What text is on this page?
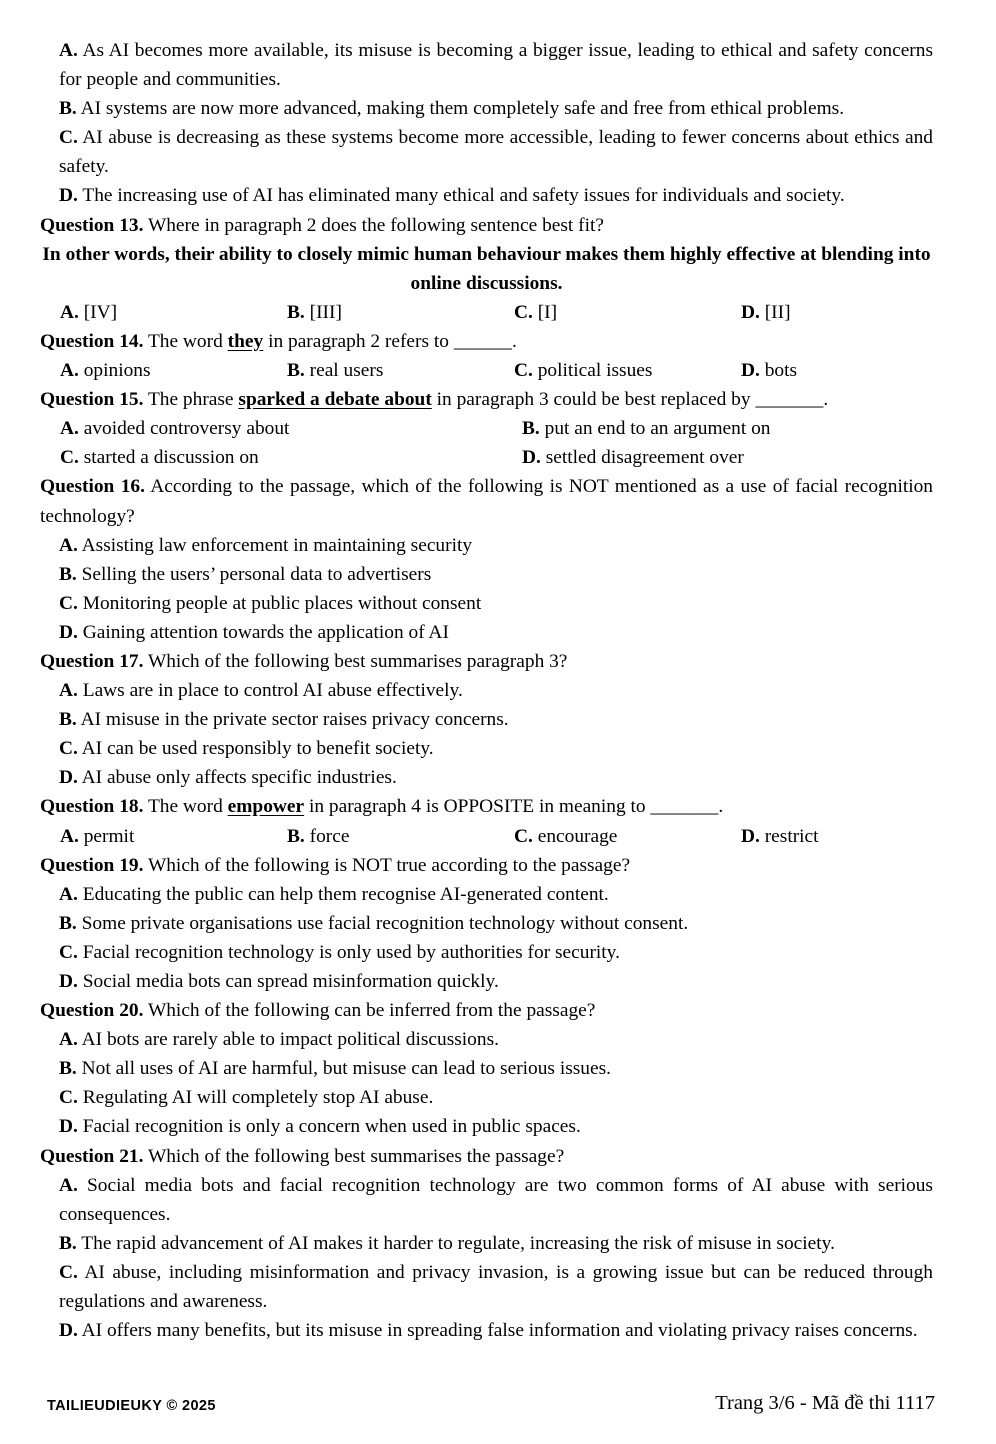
A. As AI becomes more available, its misuse is becoming a bigger issue, leading to ethical and safety concerns for people and communities.

B. AI systems are now more advanced, making them completely safe and free from ethical problems.

C. AI abuse is decreasing as these systems become more accessible, leading to fewer concerns about ethics and safety.

D. The increasing use of AI has eliminated many ethical and safety issues for individuals and society.

Question 13. Where in paragraph 2 does the following sentence best fit?

In other words, their ability to closely mimic human behaviour makes them highly effective at blending into online discussions.

A. [IV]	B. [III]	C. [I]	D. [II]

Question 14. The word they in paragraph 2 refers to ______.

A. opinions	B. real users	C. political issues	D. bots

Question 15. The phrase sparked a debate about in paragraph 3 could be best replaced by _______.

A. avoided controversy about	B. put an end to an argument on
C. started a discussion on	D. settled disagreement over

Question 16. According to the passage, which of the following is NOT mentioned as a use of facial recognition technology?

A. Assisting law enforcement in maintaining security

B. Selling the users’ personal data to advertisers

C. Monitoring people at public places without consent

D. Gaining attention towards the application of AI

Question 17. Which of the following best summarises paragraph 3?

A. Laws are in place to control AI abuse effectively.

B. AI misuse in the private sector raises privacy concerns.

C. AI can be used responsibly to benefit society.

D. AI abuse only affects specific industries.

Question 18. The word empower in paragraph 4 is OPPOSITE in meaning to _______.

A. permit	B. force	C. encourage	D. restrict

Question 19. Which of the following is NOT true according to the passage?

A. Educating the public can help them recognise AI-generated content.

B. Some private organisations use facial recognition technology without consent.

C. Facial recognition technology is only used by authorities for security.

D. Social media bots can spread misinformation quickly.

Question 20. Which of the following can be inferred from the passage?

A. AI bots are rarely able to impact political discussions.

B. Not all uses of AI are harmful, but misuse can lead to serious issues.

C. Regulating AI will completely stop AI abuse.

D. Facial recognition is only a concern when used in public spaces.

Question 21. Which of the following best summarises the passage?

A. Social media bots and facial recognition technology are two common forms of AI abuse with serious consequences.

B. The rapid advancement of AI makes it harder to regulate, increasing the risk of misuse in society.

C. AI abuse, including misinformation and privacy invasion, is a growing issue but can be reduced through regulations and awareness.

D. AI offers many benefits, but its misuse in spreading false information and violating privacy raises concerns.

TAILIEUDIEUKY © 2025	Trang 3/6 - Mã đề thi 1117
